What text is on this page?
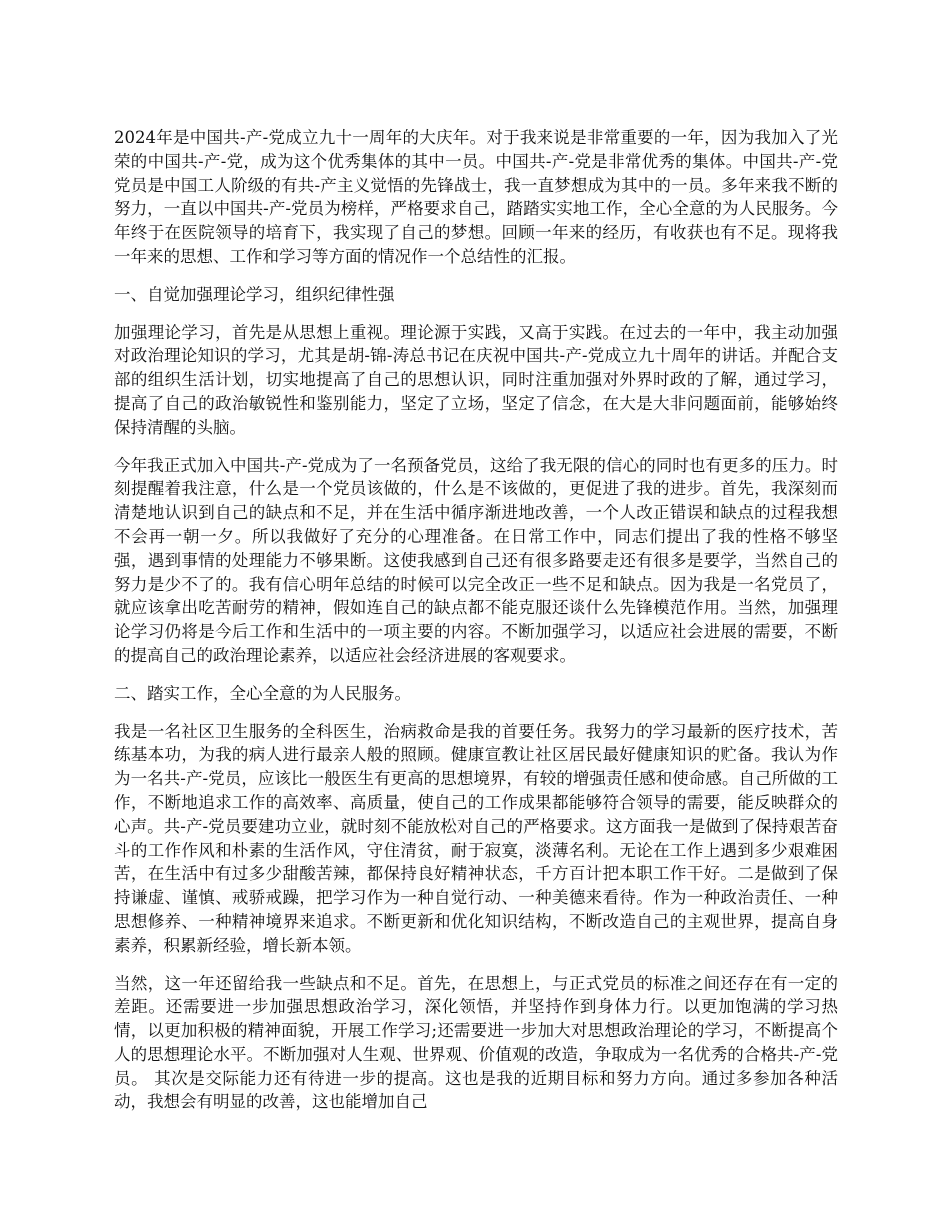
2024年是中国共-产-党成立九十一周年的大庆年。对于我来说是非常重要的一年，因为我加入了光荣的中国共-产-党，成为这个优秀集体的其中一员。中国共-产-党是非常优秀的集体。中国共-产-党党员是中国工人阶级的有共-产主义觉悟的先锋战士，我一直梦想成为其中的一员。多年来我不断的努力，一直以中国共-产-党员为榜样，严格要求自己，踏踏实实地工作，全心全意的为人民服务。今年终于在医院领导的培育下，我实现了自己的梦想。回顾一年来的经历，有收获也有不足。现将我一年来的思想、工作和学习等方面的情况作一个总结性的汇报。

一、自觉加强理论学习，组织纪律性强

加强理论学习，首先是从思想上重视。理论源于实践，又高于实践。在过去的一年中，我主动加强对政治理论知识的学习，尤其是胡-锦-涛总书记在庆祝中国共-产-党成立九十周年的讲话。并配合支部的组织生活计划，切实地提高了自己的思想认识，同时注重加强对外界时政的了解，通过学习，提高了自己的政治敏锐性和鉴别能力，坚定了立场，坚定了信念，在大是大非问题面前，能够始终保持清醒的头脑。

今年我正式加入中国共-产-党成为了一名预备党员，这给了我无限的信心的同时也有更多的压力。时刻提醒着我注意，什么是一个党员该做的，什么是不该做的，更促进了我的进步。首先，我深刻而清楚地认识到自己的缺点和不足，并在生活中循序渐进地改善，一个人改正错误和缺点的过程我想不会再一朝一夕。所以我做好了充分的心理准备。在日常工作中，同志们提出了我的性格不够坚强，遇到事情的处理能力不够果断。这使我感到自己还有很多路要走还有很多是要学，当然自己的努力是少不了的。我有信心明年总结的时候可以完全改正一些不足和缺点。因为我是一名党员了，就应该拿出吃苦耐劳的精神，假如连自己的缺点都不能克服还谈什么先锋模范作用。当然，加强理论学习仍将是今后工作和生活中的一项主要的内容。不断加强学习，以适应社会进展的需要，不断的提高自己的政治理论素养，以适应社会经济进展的客观要求。

二、踏实工作，全心全意的为人民服务。

我是一名社区卫生服务的全科医生，治病救命是我的首要任务。我努力的学习最新的医疗技术，苦练基本功，为我的病人进行最亲人般的照顾。健康宣教让社区居民最好健康知识的贮备。我认为作为一名共-产-党员，应该比一般医生有更高的思想境界，有较的增强责任感和使命感。自己所做的工作，不断地追求工作的高效率、高质量，使自己的工作成果都能够符合领导的需要，能反映群众的心声。共-产-党员要建功立业，就时刻不能放松对自己的严格要求。这方面我一是做到了保持艰苦奋斗的工作作风和朴素的生活作风，守住清贫，耐于寂寞，淡薄名利。无论在工作上遇到多少艰难困苦，在生活中有过多少甜酸苦辣，都保持良好精神状态，千方百计把本职工作干好。二是做到了保持谦虚、谨慎、戒骄戒躁，把学习作为一种自觉行动、一种美德来看待。作为一种政治责任、一种思想修养、一种精神境界来追求。不断更新和优化知识结构，不断改造自己的主观世界，提高自身素养，积累新经验，增长新本领。

当然，这一年还留给我一些缺点和不足。首先，在思想上，与正式党员的标准之间还存在有一定的差距。还需要进一步加强思想政治学习，深化领悟，并坚持作到身体力行。以更加饱满的学习热情，以更加积极的精神面貌，开展工作学习;还需要进一步加大对思想政治理论的学习，不断提高个人的思想理论水平。不断加强对人生观、世界观、价值观的改造，争取成为一名优秀的合格共-产-党员。 其次是交际能力还有待进一步的提高。这也是我的近期目标和努力方向。通过多参加各种活动，我想会有明显的改善，这也能增加自己
